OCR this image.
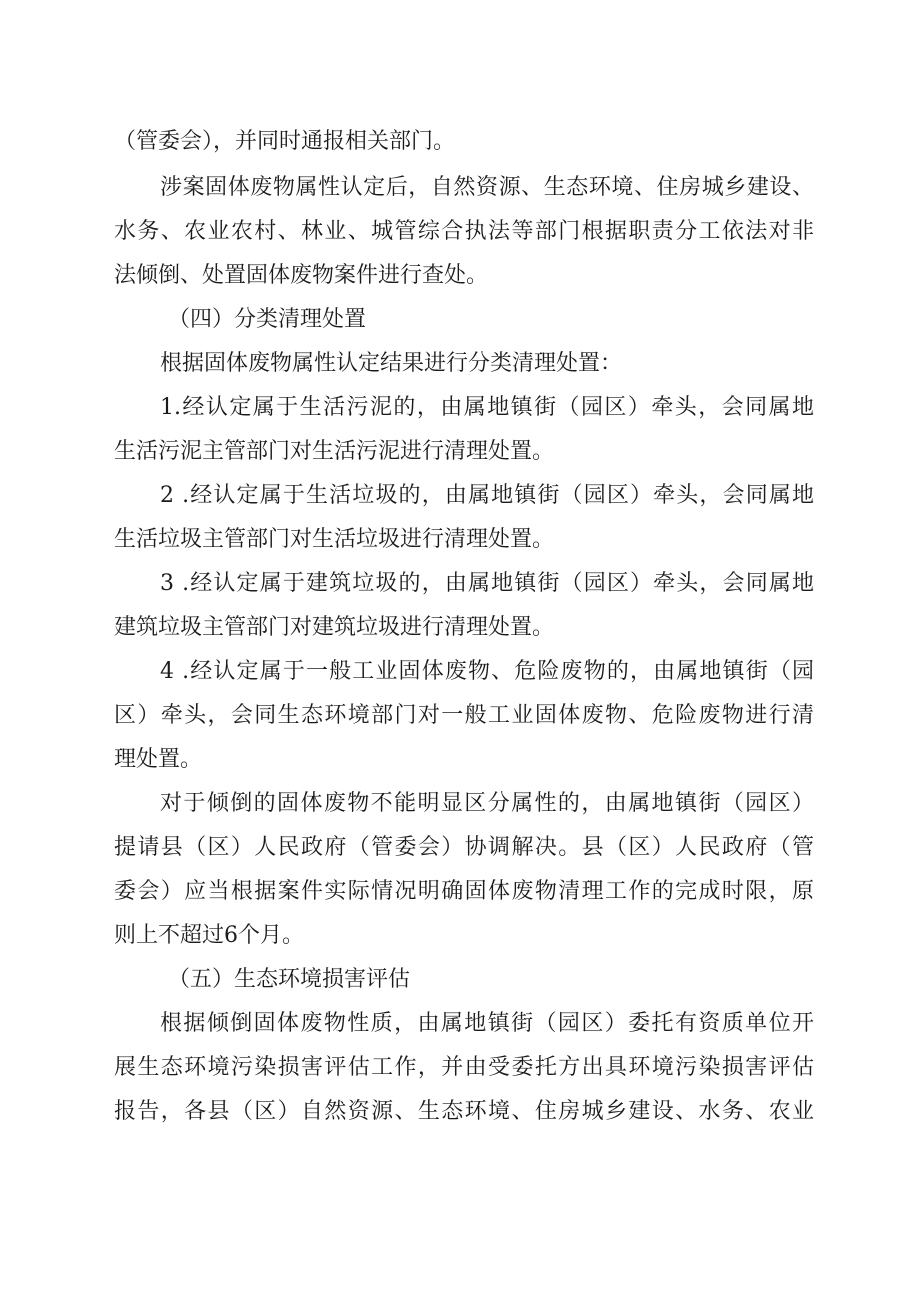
（管委会），并同时通报相关部门。
涉案固体废物属性认定后，自然资源、生态环境、住房城乡建设、
水务、农业农村、林业、城管综合执法等部门根据职责分工依法对非
法倾倒、处置固体废物案件进行查处。
（四）分类清理处置
根据固体废物属性认定结果进行分类清理处置：
1.经认定属于生活污泥的，由属地镇街（园区）牵头，会同属地
生活污泥主管部门对生活污泥进行清理处置。
2 .经认定属于生活垃圾的，由属地镇街（园区）牵头，会同属地
生活垃圾主管部门对生活垃圾进行清理处置。
3 .经认定属于建筑垃圾的，由属地镇街（园区）牵头，会同属地
建筑垃圾主管部门对建筑垃圾进行清理处置。
4 .经认定属于一般工业固体废物、危险废物的，由属地镇街（园
区）牵头，会同生态环境部门对一般工业固体废物、危险废物进行清
理处置。
对于倾倒的固体废物不能明显区分属性的，由属地镇街（园区）
提请县（区）人民政府（管委会）协调解决。县（区）人民政府（管
委会）应当根据案件实际情况明确固体废物清理工作的完成时限，原
则上不超过6个月。
（五）生态环境损害评估
根据倾倒固体废物性质，由属地镇街（园区）委托有资质单位开
展生态环境污染损害评估工作，并由受委托方出具环境污染损害评估
报告，各县（区）自然资源、生态环境、住房城乡建设、水务、农业
